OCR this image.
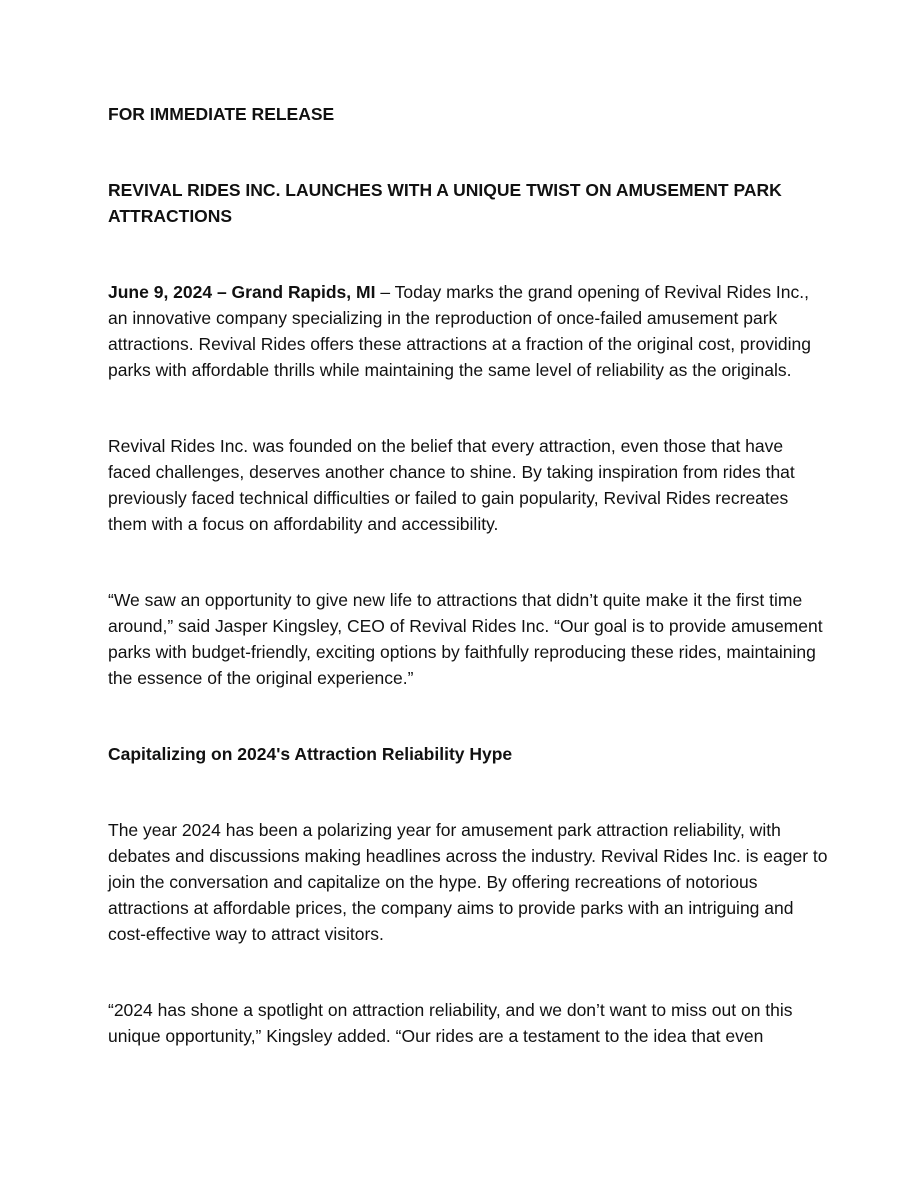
FOR IMMEDIATE RELEASE

REVIVAL RIDES INC. LAUNCHES WITH A UNIQUE TWIST ON AMUSEMENT PARK ATTRACTIONS

June 9, 2024 – Grand Rapids, MI – Today marks the grand opening of Revival Rides Inc., an innovative company specializing in the reproduction of once-failed amusement park attractions. Revival Rides offers these attractions at a fraction of the original cost, providing parks with affordable thrills while maintaining the same level of reliability as the originals.

Revival Rides Inc. was founded on the belief that every attraction, even those that have faced challenges, deserves another chance to shine. By taking inspiration from rides that previously faced technical difficulties or failed to gain popularity, Revival Rides recreates them with a focus on affordability and accessibility.

“We saw an opportunity to give new life to attractions that didn’t quite make it the first time around,” said Jasper Kingsley, CEO of Revival Rides Inc. “Our goal is to provide amusement parks with budget-friendly, exciting options by faithfully reproducing these rides, maintaining the essence of the original experience.”

Capitalizing on 2024's Attraction Reliability Hype

The year 2024 has been a polarizing year for amusement park attraction reliability, with debates and discussions making headlines across the industry. Revival Rides Inc. is eager to join the conversation and capitalize on the hype. By offering recreations of notorious attractions at affordable prices, the company aims to provide parks with an intriguing and cost-effective way to attract visitors.

“2024 has shone a spotlight on attraction reliability, and we don’t want to miss out on this unique opportunity,” Kingsley added. “Our rides are a testament to the idea that even
